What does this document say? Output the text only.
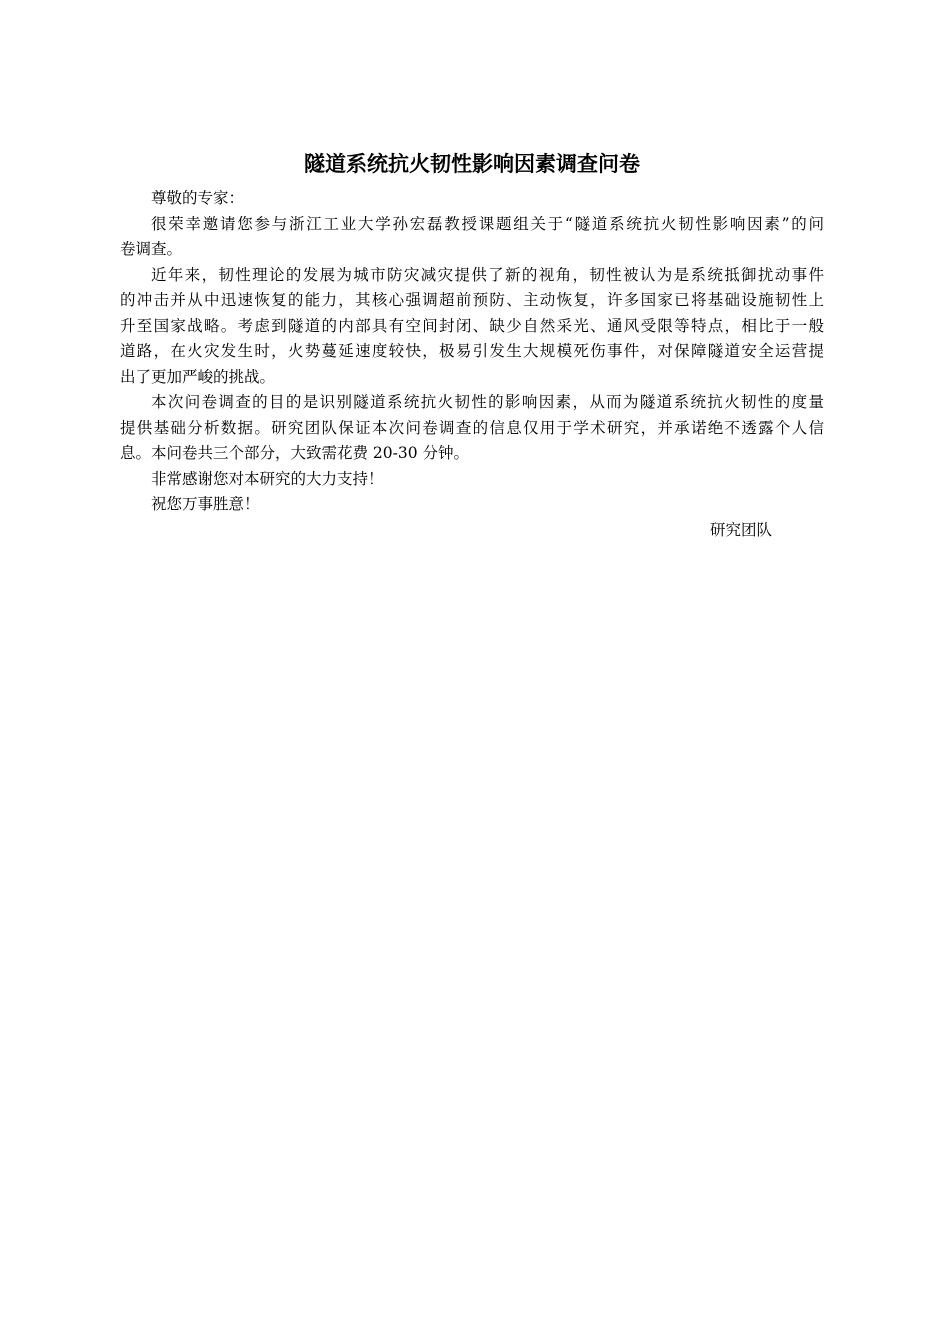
隧道系统抗火韧性影响因素调查问卷
尊敬的专家：
很荣幸邀请您参与浙江工业大学孙宏磊教授课题组关于“隧道系统抗火韧性影响因素”的问
卷调查。
近年来，韧性理论的发展为城市防灾减灾提供了新的视角，韧性被认为是系统抵御扰动事件
的冲击并从中迅速恢复的能力，其核心强调超前预防、主动恢复，许多国家已将基础设施韧性上
升至国家战略。考虑到隧道的内部具有空间封闭、缺少自然采光、通风受限等特点，相比于一般
道路，在火灾发生时，火势蔓延速度较快，极易引发生大规模死伤事件，对保障隧道安全运营提
出了更加严峻的挑战。
本次问卷调查的目的是识别隧道系统抗火韧性的影响因素，从而为隧道系统抗火韧性的度量
提供基础分析数据。研究团队保证本次问卷调查的信息仅用于学术研究，并承诺绝不透露个人信
息。本问卷共三个部分，大致需花费 20-30 分钟。
非常感谢您对本研究的大力支持！
祝您万事胜意！
研究团队
